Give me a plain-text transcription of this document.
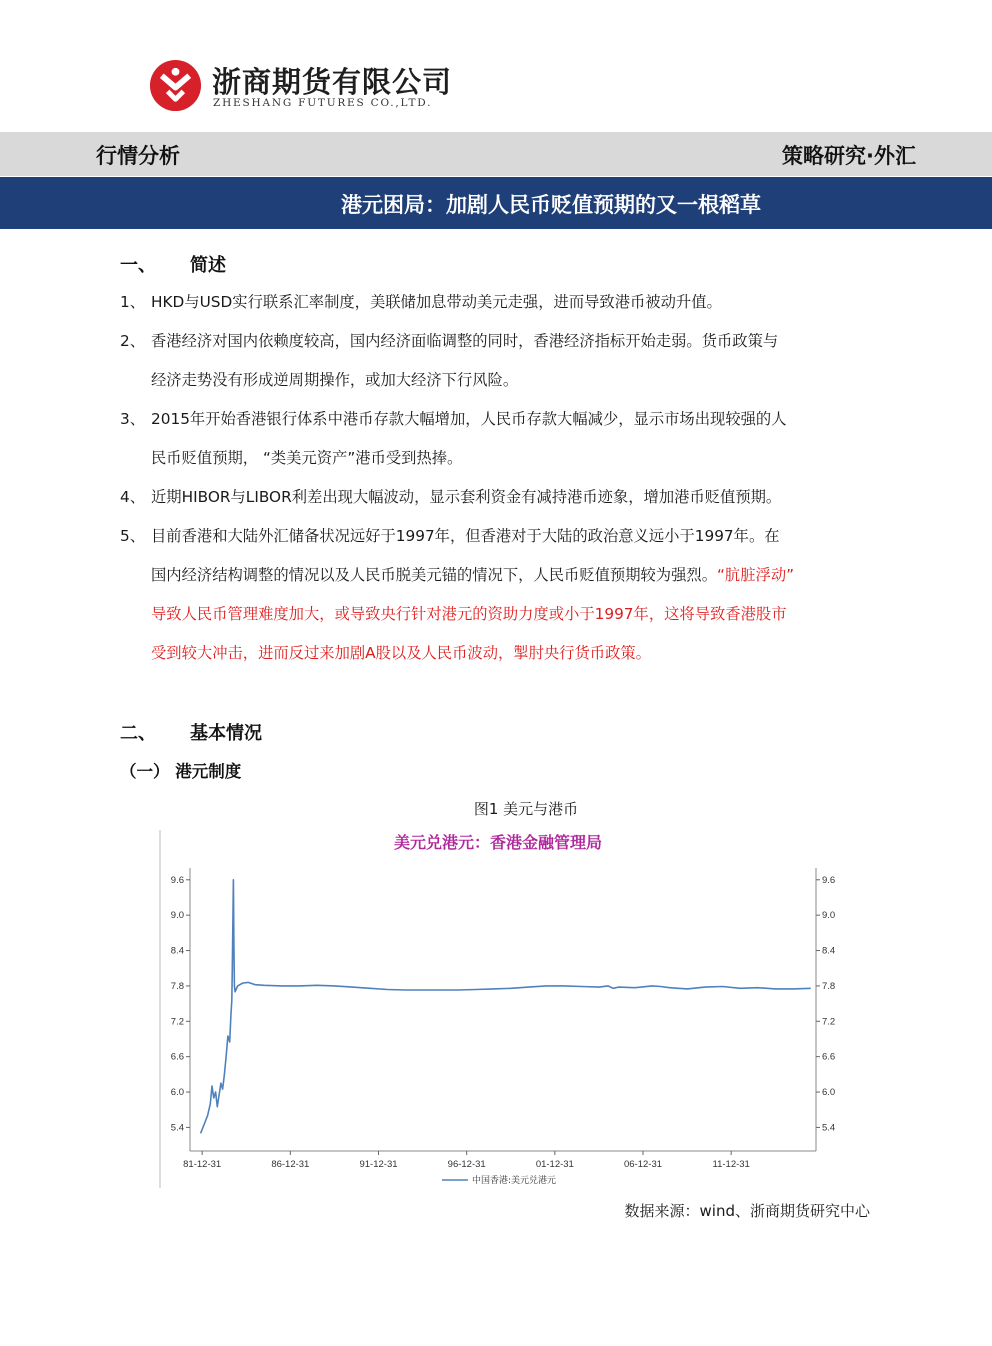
浙商期货有限公司
ZHESHANG FUTURES CO.,LTD.
行情分析	策略研究·外汇
港元困局：加剧人民币贬值预期的又一根稻草
一、 简述
1、 HKD与USD实行联系汇率制度，美联储加息带动美元走强，进而导致港币被动升值。
2、 香港经济对国内依赖度较高，国内经济面临调整的同时，香港经济指标开始走弱。货币政策与
经济走势没有形成逆周期操作，或加大经济下行风险。
3、 2015年开始香港银行体系中港币存款大幅增加，人民币存款大幅减少，显示市场出现较强的人
民币贬值预期， “类美元资产”港币受到热捧。
4、 近期HIBOR与LIBOR利差出现大幅波动，显示套利资金有减持港币迹象，增加港币贬值预期。
5、 目前香港和大陆外汇储备状况远好于1997年，但香港对于大陆的政治意义远小于1997年。在
国内经济结构调整的情况以及人民币脱美元锚的情况下，人民币贬值预期较为强烈。“肮脏浮动”
导致人民币管理难度加大，或导致央行针对港元的资助力度或小于1997年，这将导致香港股市
受到较大冲击，进而反过来加剧A股以及人民币波动，掣肘央行货币政策。
二、 基本情况
（一） 港元制度
图1 美元与港币
美元兑港元：香港金融管理局
9.6	9.6
9.0	9.0
8.4	8.4
7.8	7.8
7.2	7.2
6.6	6.6
6.0	6.0
5.4	5.4
81-12-31	86-12-31	91-12-31	96-12-31	01-12-31	06-12-31	11-12-31
中国香港:美元兑港元
数据来源：wind、浙商期货研究中心
